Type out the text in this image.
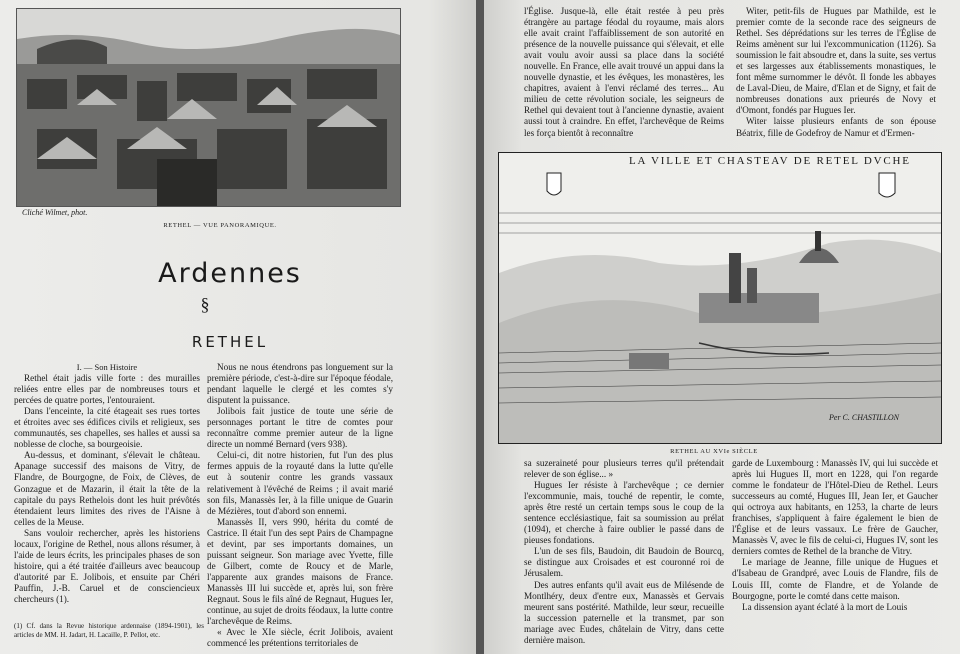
Cliché Wilmet, phot.
RETHEL — VUE PANORAMIQUE.
Ardennes
§
RETHEL

I. — Son Histoire

Rethel était jadis ville forte : des murailles reliées entre elles par de nombreuses tours et percées de quatre portes, l'entouraient.

Dans l'enceinte, la cité étageait ses rues tortes et étroites avec ses édifices civils et religieux, ses communautés, ses chapelles, ses halles et aussi sa noblesse de cloche, sa bourgeoisie.

Au-dessus, et dominant, s'élevait le château. Apanage successif des maisons de Vitry, de Flandre, de Bourgogne, de Foix, de Clèves, de Gonzague et de Mazarin, il était la tête de la capitale du pays Rethelois dont les huit prévôtés étendaient leurs limites des rives de l'Aisne à celles de la Meuse.

Sans vouloir rechercher, après les historiens locaux, l'origine de Rethel, nous allons résumer, à l'aide de leurs écrits, les principales phases de son histoire, qui a été traitée d'ailleurs avec beaucoup d'autorité par E. Jolibois, et ensuite par Chéri Pauffin, J.-B. Caruel et de consciencieux chercheurs (1).

(1) Cf. dans la Revue historique ardennaise (1894-1901), les articles de MM. H. Jadart, H. Lacaille, P. Pellot, etc.

Nous ne nous étendrons pas longuement sur la première période, c'est-à-dire sur l'époque féodale, pendant laquelle le clergé et les comtes s'y disputent la puissance.

Jolibois fait justice de toute une série de personnages portant le titre de comtes pour reconnaître comme premier auteur de la ligne directe un nommé Bernard (vers 938).

Celui-ci, dit notre historien, fut l'un des plus fermes appuis de la royauté dans la lutte qu'elle eut à soutenir contre les grands vassaux relativement à l'évêché de Reims ; il avait marié son fils, Manassès Ier, à la fille unique de Guarin de Mézières, tout d'abord son ennemi.

Manassès II, vers 990, hérita du comté de Castrice. Il était l'un des sept Pairs de Champagne et devint, par ses importants domaines, un puissant seigneur. Son mariage avec Yvette, fille de Gilbert, comte de Roucy et de Marle, l'apparente aux grandes maisons de France. Manassès III lui succède et, après lui, son frère Regnaut. Sous le fils aîné de Regnaut, Hugues Ier, continue, au sujet de droits féodaux, la lutte contre l'archevêque de Reims.

« Avec le XIe siècle, écrit Jolibois, avaient commencé les prétentions territoriales de

l'Église. Jusque-là, elle était restée à peu près étrangère au partage féodal du royaume, mais alors elle avait craint l'affaiblissement de son autorité en présence de la nouvelle puissance qui s'élevait, et elle avait voulu avoir aussi sa place dans la société nouvelle. En France, elle avait trouvé un appui dans la nouvelle dynastie, et les évêques, les monastères, les chapitres, avaient à l'envi réclamé des terres... Au milieu de cette révolution sociale, les seigneurs de Rethel qui devaient tout à l'ancienne dynastie, avaient aussi tout à craindre. En effet, l'archevêque de Reims les força bientôt à reconnaître

Witer, petit-fils de Hugues par Mathilde, est le premier comte de la seconde race des seigneurs de Rethel. Ses déprédations sur les terres de l'Église de Reims amènent sur lui l'excommunication (1126). Sa soumission le fait absoudre et, dans la suite, ses vertus et ses largesses aux établissements monastiques, le font même surnommer le dévôt. Il fonde les abbayes de Laval-Dieu, de Maire, d'Elan et de Signy, et fait de nombreuses donations aux prieurés de Novy et d'Omont, fondés par Hugues Ier.

Witer laisse plusieurs enfants de son épouse Béatrix, fille de Godefroy de Namur et d'Ermen-

LA VILLE ET CHASTEAV DE RETEL DVCHE
Per C. CHASTILLON
RETHEL AU XVIe SIÈCLE

sa suzeraineté pour plusieurs terres qu'il prétendait relever de son église... »

Hugues Ier résiste à l'archevêque ; ce dernier l'excommunie, mais, touché de repentir, le comte, après être resté un certain temps sous le coup de la sentence ecclésiastique, fait sa soumission au prélat (1094), et cherche à faire oublier le passé dans de pieuses fondations.

L'un de ses fils, Baudoin, dit Baudoin de Bourcq, se distingue aux Croisades et est couronné roi de Jérusalem.

Des autres enfants qu'il avait eus de Milésende de Montlhéry, deux d'entre eux, Manassès et Gervais meurent sans postérité. Mathilde, leur sœur, recueille la succession paternelle et la transmet, par son mariage avec Eudes, châtelain de Vitry, dans cette dernière maison.

garde de Luxembourg : Manassès IV, qui lui succède et après lui Hugues II, mort en 1228, qui l'on regarde comme le fondateur de l'Hôtel-Dieu de Rethel. Leurs successeurs au comté, Hugues III, Jean Ier, et Gaucher qui octroya aux habitants, en 1253, la charte de leurs franchises, s'appliquent à faire également le bien de l'Église et de leurs vassaux. Le frère de Gaucher, Manassès V, avec le fils de celui-ci, Hugues IV, sont les derniers comtes de Rethel de la branche de Vitry.

Le mariage de Jeanne, fille unique de Hugues et d'Isabeau de Grandpré, avec Louis de Flandre, fils de Louis III, comte de Flandre, et de Yolande de Bourgogne, porte le comté dans cette maison.

La dissension ayant éclaté à la mort de Louis
